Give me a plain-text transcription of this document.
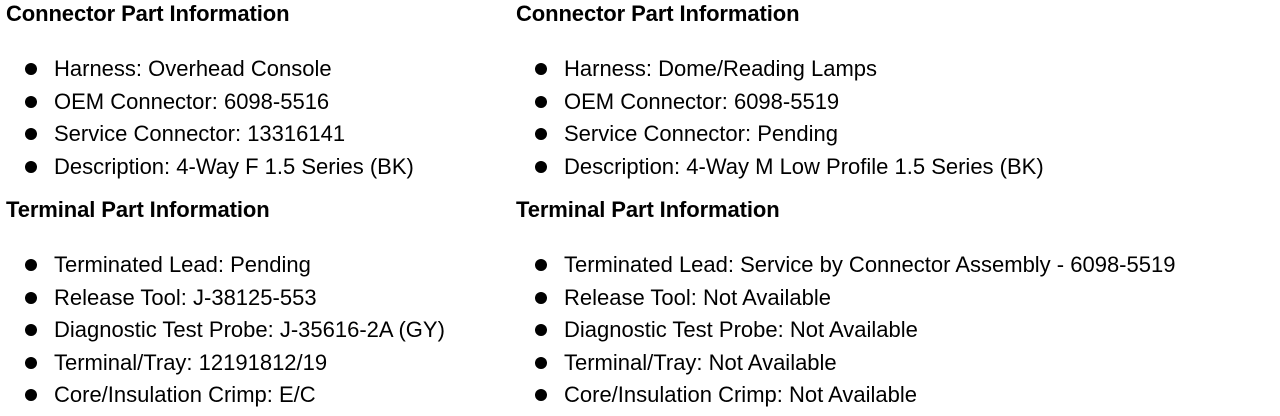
Connector Part Information
Harness: Overhead Console
OEM Connector: 6098-5516
Service Connector: 13316141
Description: 4-Way F 1.5 Series (BK)
Terminal Part Information
Terminated Lead: Pending
Release Tool: J-38125-553
Diagnostic Test Probe: J-35616-2A (GY)
Terminal/Tray: 12191812/19
Core/Insulation Crimp: E/C
Connector Part Information
Harness: Dome/Reading Lamps
OEM Connector: 6098-5519
Service Connector: Pending
Description: 4-Way M Low Profile 1.5 Series (BK)
Terminal Part Information
Terminated Lead: Service by Connector Assembly - 6098-5519
Release Tool: Not Available
Diagnostic Test Probe: Not Available
Terminal/Tray: Not Available
Core/Insulation Crimp: Not Available
